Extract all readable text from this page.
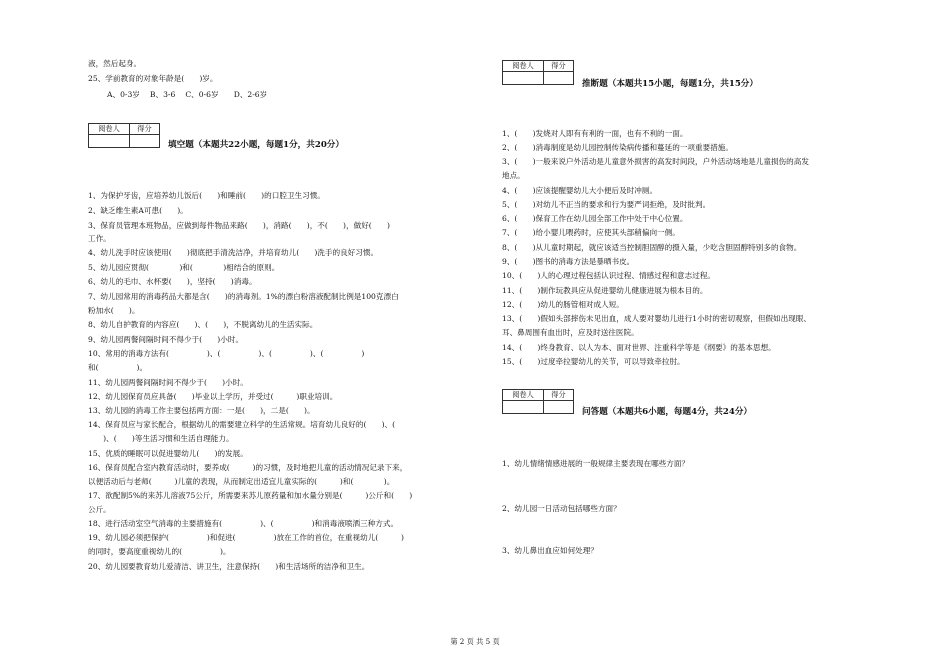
液，然后起身。
25、学前教育的对象年龄是(　　)岁。
A、0-3岁　 B、3-6　 C、0-6岁　　D、2-6岁
阅卷人	得分

填空题（本题共22小题，每题1分，共20分）
1、为保护牙齿，应培养幼儿饭后(　　)和睡前(　　)的口腔卫生习惯。
2、缺乏维生素A可患(　　)。
3、保育员管理本班物品，应做到每件物品来路(　　)，消路(　　)，不(　　)，做好(　　)
工作。
4、幼儿洗手时应该使用(　　)彻底把手清洗洁净，并培育幼儿(　　)洗手的良好习惯。
5、幼儿园应贯彻(　　　　)和(　　　　)相结合的原则。
6、幼儿的毛巾、水杯要(　　)，坚持(　　)消毒。
7、幼儿园常用的消毒药品大都是含(　　)的消毒剂。1%的漂白粉溶液配制比例是100克漂白
粉加水(　　)。
8、幼儿自护教育的内容应(　　)、(　　)，不脱离幼儿的生活实际。
9、幼儿园两餐间隔时间不得少于(　　)小时。
10、常用的消毒方法有(　　　　　)、(　　　　　)、(　　　　　)、(　　　　　)
和(　　　　　)。
11、幼儿园两餐间隔时间不得少于(　　)小时。
12、幼儿园保育员应具备(　　)毕业以上学历，并受过(　　　)职业培训。
13、幼儿园的消毒工作主要包括两方面：一是(　　)，二是(　　)。
14、保育员应与家长配合，根据幼儿的需要建立科学的生活常规。培育幼儿良好的(　　)、(
　　)、(　　)等生活习惯和生活自理能力。
15、优质的睡眠可以促进婴幼儿(　　)的发展。
16、保育员配合室内教育活动时，要养成(　　　)的习惯，及时地把儿童的活动情况记录下来，
以便活动后与老师(　　　)儿童的表现，从而制定出适宜儿童实际的(　　　)和(　　　　)。
17、欲配制5%的来苏儿溶液75公斤，所需要来苏儿原药量和加水量分别是(　　　)公斤和(　　)
公斤。
18、进行活动室空气消毒的主要措施有(　　　　　)、(　　　　　)和消毒液喷洒三种方式。
19、幼儿园必须把保护(　　　　　)和促进(　　　　　)放在工作的首位，在重视幼儿(　　　)
的同时，要高度重视幼儿的(　　　　　)。
20、幼儿园要教育幼儿爱清洁、讲卫生，注意保持(　　)和生活场所的洁净和卫生。
阅卷人	得分

推断题（本题共15小题，每题1分，共15分）
1、(　　)发烧对人即有有利的一面，也有不利的一面。
2、(　　)消毒制度是幼儿园控制传染病传播和蔓延的一项重要措施。
3、(　　)一般来说户外活动是儿童意外损害的高发时间段，户外活动场地是儿童损伤的高发
地点。
4、(　　)应该提醒婴幼儿大小便后及时冲厕。
5、(　　)对幼儿不正当的要求和行为要严词拒绝，及时批判。
6、(　　)保育工作在幼儿园全部工作中处于中心位置。
7、(　　)给小婴儿喂药时，应使其头部稍偏向一侧。
8、(　　)从儿童时期起，就应该适当控制胆固醇的摄入量，少吃含胆固醇特别多的食物。
9、(　　)图书的消毒方法是暴晒书皮。
10、(　　)人的心理过程包括认识过程、情感过程和意志过程。
11、(　　)制作玩教具应从促进婴幼儿健康进展为根本目的。
12、(　　)幼儿的肠管相对成人短。
13、(　　)假如头部摔伤未见出血，成人要对婴幼儿进行1小时的密切观察，但假如出现眼、
耳、鼻周围有血出时，应及时送往医院。
14、(　　)终身教育、以人为本、面对世界、注重科学等是《纲要》的基本思想。
15、(　　)过度牵拉婴幼儿的关节，可以导致牵拉肘。
阅卷人	得分

问答题（本题共6小题，每题4分，共24分）
1、幼儿情绪情感进展的一般规律主要表现在哪些方面？
2、幼儿园一日活动包括哪些方面？
3、幼儿鼻出血应如何处理？
第 2 页 共 5 页
